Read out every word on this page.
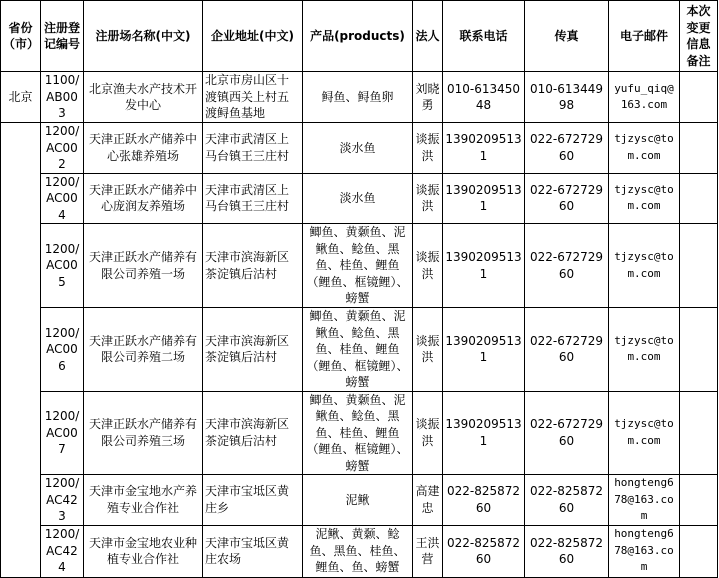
省份（市）	注册登记编号	注册场名称(中文)	企业地址(中文)	产品(products)	法人	联系电话	传真	电子邮件	本次变更信息备注
北京	1100/AB003	北京渔夫水产技术开发中心	北京市房山区十渡镇西关上村五渡鲟鱼基地	鲟鱼、鲟鱼卵	刘晓勇	010-61345048	010-61344998	yufu_qiq@163.com	
	1200/AC002	天津正跃水产储养中心张雄养殖场	天津市武清区上马台镇王三庄村	淡水鱼	谈振洪	13902095131	022-67272960	tjzysc@tom.com	
	1200/AC004	天津正跃水产储养中心庞润友养殖场	天津市武清区上马台镇王三庄村	淡水鱼	谈振洪	13902095131	022-67272960	tjzysc@tom.com	
	1200/AC005	天津正跃水产储养有限公司养殖一场	天津市滨海新区茶淀镇后沽村	鲫鱼、黄颡鱼、泥鳅鱼、鲶鱼、黑鱼、桂鱼、鲤鱼（鲤鱼、框镜鲤）、螃蟹	谈振洪	13902095131	022-67272960	tjzysc@tom.com	
	1200/AC006	天津正跃水产储养有限公司养殖二场	天津市滨海新区茶淀镇后沽村	鲫鱼、黄颡鱼、泥鳅鱼、鲶鱼、黑鱼、桂鱼、鲤鱼（鲤鱼、框镜鲤）、螃蟹	谈振洪	13902095131	022-67272960	tjzysc@tom.com	
	1200/AC007	天津正跃水产储养有限公司养殖三场	天津市滨海新区茶淀镇后沽村	鲫鱼、黄颡鱼、泥鳅鱼、鲶鱼、黑鱼、桂鱼、鲤鱼（鲤鱼、框镜鲤）、螃蟹	谈振洪	13902095131	022-67272960	tjzysc@tom.com	
	1200/AC423	天津市金宝地水产养殖专业合作社	天津市宝坻区黄庄乡	泥鳅	高建忠	022-82587260	022-82587260	hongteng678@163.com	
	1200/AC424	天津市金宝地农业种植专业合作社	天津市宝坻区黄庄农场	泥鳅、黄颡、鲶鱼、黑鱼、桂鱼、鲤鱼、鱼、螃蟹	王洪营	022-82587260	022-82587260	hongteng678@163.com	
